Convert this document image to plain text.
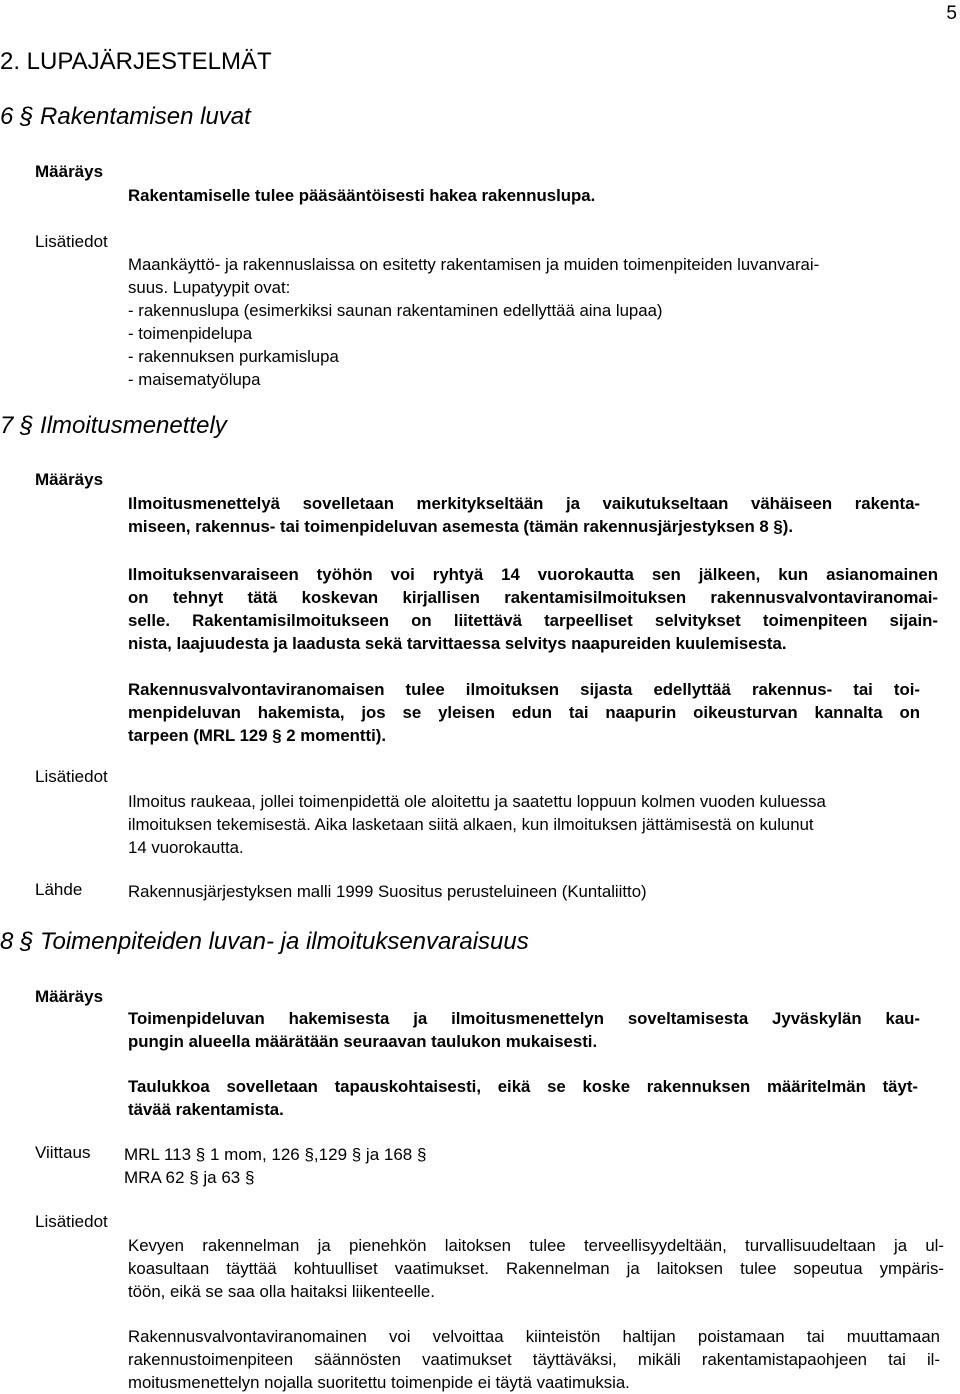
5
2. LUPAJÄRJESTELMÄT
6 § Rakentamisen luvat
Määräys
Rakentamiselle tulee pääsääntöisesti hakea rakennuslupa.
Lisätiedot
Maankäyttö- ja rakennuslaissa on esitetty rakentamisen ja muiden toimenpiteiden luvanvarai-
suus. Lupatyypit ovat:
- rakennuslupa (esimerkiksi saunan rakentaminen edellyttää aina lupaa)
- toimenpidelupa
- rakennuksen purkamislupa
- maisematyölupa
7 § Ilmoitusmenettely
Määräys
Ilmoitusmenettelyä sovelletaan merkitykseltään ja vaikutukseltaan vähäiseen rakenta-
miseen, rakennus- tai toimenpideluvan asemesta (tämän rakennusjärjestyksen 8 §).
Ilmoituksenvaraiseen työhön voi ryhtyä 14 vuorokautta sen jälkeen, kun asianomainen
on tehnyt tätä koskevan kirjallisen rakentamisilmoituksen rakennusvalvontaviranomai-
selle. Rakentamisilmoitukseen on liitettävä tarpeelliset selvitykset toimenpiteen sijain-
nista, laajuudesta ja laadusta sekä tarvittaessa selvitys naapureiden kuulemisesta.
Rakennusvalvontaviranomaisen tulee ilmoituksen sijasta edellyttää rakennus- tai toi-
menpideluvan hakemista, jos se yleisen edun tai naapurin oikeusturvan kannalta on
tarpeen (MRL 129 § 2 momentti).
Lisätiedot
Ilmoitus raukeaa, jollei toimenpidettä ole aloitettu ja saatettu loppuun kolmen vuoden kuluessa
ilmoituksen tekemisestä. Aika lasketaan siitä alkaen, kun ilmoituksen jättämisestä on kulunut
14 vuorokautta.
Lähde	Rakennusjärjestyksen malli 1999 Suositus perusteluineen (Kuntaliitto)
8 § Toimenpiteiden luvan- ja ilmoituksenvaraisuus
Määräys
Toimenpideluvan hakemisesta ja ilmoitusmenettelyn soveltamisesta Jyväskylän kau-
pungin alueella määrätään seuraavan taulukon mukaisesti.
Taulukkoa sovelletaan tapauskohtaisesti, eikä se koske rakennuksen määritelmän täyt-
tävää rakentamista.
Viittaus MRL 113 § 1 mom, 126 §,129 § ja 168 §
MRA 62 § ja 63 §
Lisätiedot
Kevyen rakennelman ja pienehkön laitoksen tulee terveellisyydeltään, turvallisuudeltaan ja ul-
koasultaan täyttää kohtuulliset vaatimukset. Rakennelman ja laitoksen tulee sopeutua ympäris-
töön, eikä se saa olla haitaksi liikenteelle.
Rakennusvalvontaviranomainen voi velvoittaa kiinteistön haltijan poistamaan tai muuttamaan
rakennustoimenpiteen säännösten vaatimukset täyttäväksi, mikäli rakentamistapaohjeen tai il-
moitusmenettelyn nojalla suoritettu toimenpide ei täytä vaatimuksia.
